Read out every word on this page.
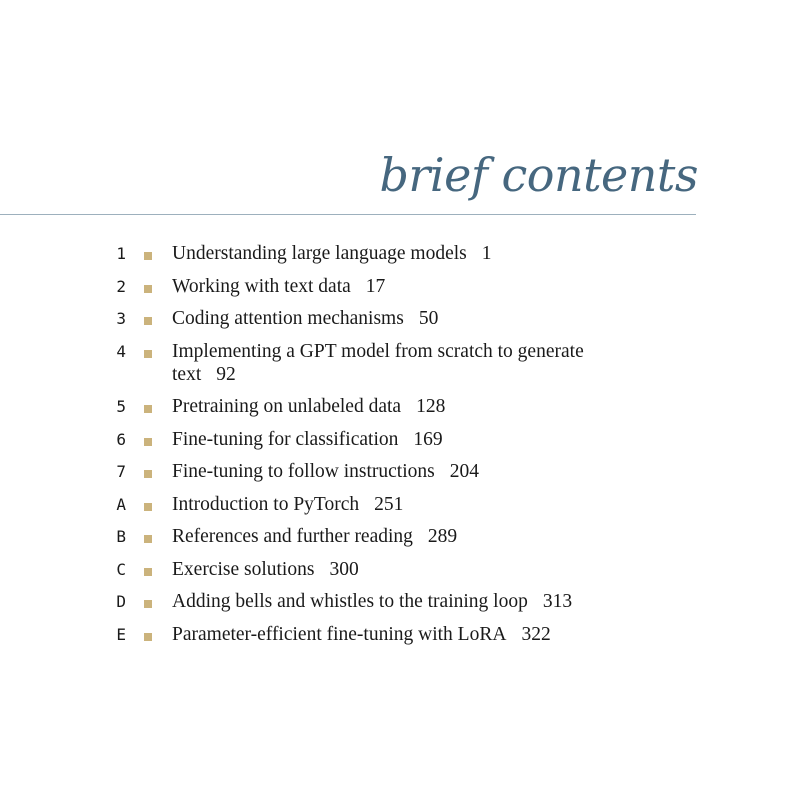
brief contents
1 Understanding large language models 1
2 Working with text data 17
3 Coding attention mechanisms 50
4 Implementing a GPT model from scratch to generate text 92
5 Pretraining on unlabeled data 128
6 Fine-tuning for classification 169
7 Fine-tuning to follow instructions 204
A Introduction to PyTorch 251
B References and further reading 289
C Exercise solutions 300
D Adding bells and whistles to the training loop 313
E Parameter-efficient fine-tuning with LoRA 322
